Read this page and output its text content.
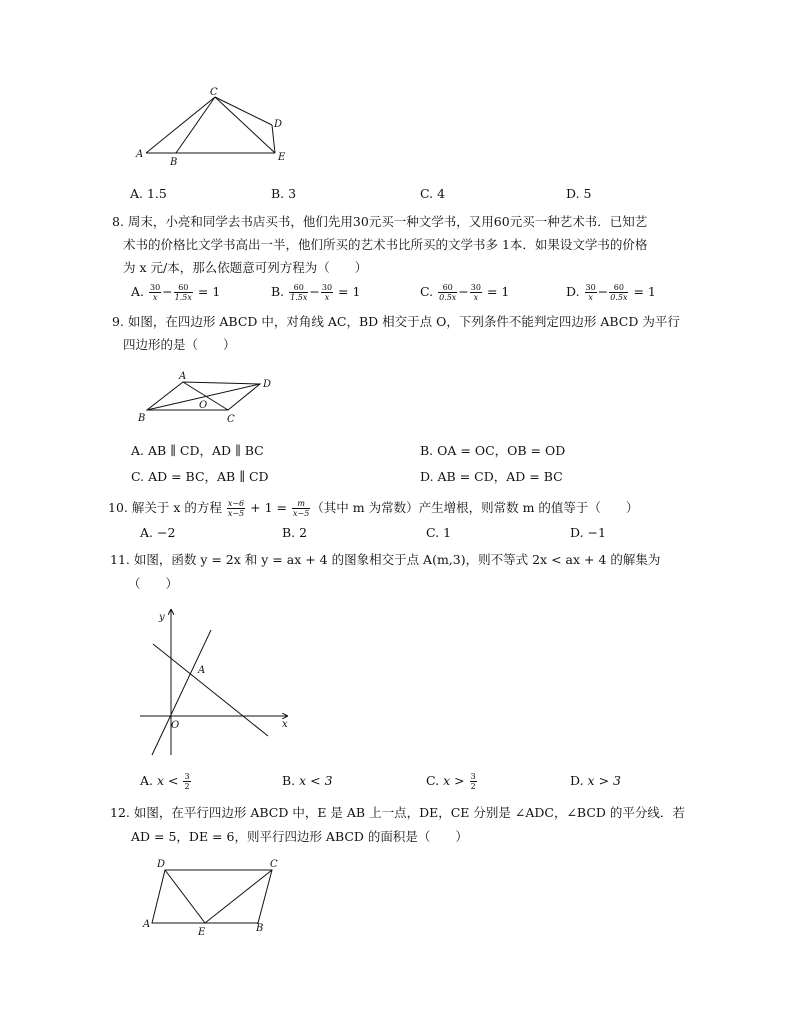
C
D
A
B	E
A. 1.5	B. 3	C. 4	D. 5
8. 周末，小亮和同学去书店买书，他们先用30元买一种文学书，又用60元买一种艺术书．已知艺
术书的价格比文学书高出一半，他们所买的艺术书比所买的文学书多 1本．如果设文学书的价格
为 x 元/本，那么依题意可列方程为（　　）
A. $\frac{30}{x} - \frac{60}{1.5x} = 1$	B. $\frac{60}{1.5x} - \frac{30}{x} = 1$	C. $\frac{60}{0.5x} - \frac{30}{x} = 1$	D. $\frac{30}{x} - \frac{60}{0.5x} = 1$
9. 如图，在四边形 ABCD 中，对角线 AC，BD 相交于点 O，下列条件不能判定四边形 ABCD 为平行
四边形的是（　　）
A
D
O
B	C
A. AB ∥ CD，AD ∥ BC	B. OA = OC，OB = OD
C. AD = BC，AB ∥ CD	D. AB = CD，AD = BC
10. 解关于 x 的方程 $\frac{x-6}{x-5} + 1 = \frac{m}{x-5}$ （其中 m 为常数）产生增根，则常数 m 的值等于（　　）
A. −2	B. 2	C. 1	D. −1
11. 如图，函数 y = 2x 和 y = ax + 4 的图象相交于点 A(m,3)，则不等式 2x < ax + 4 的解集为
（　　）
y
x
A
O
A. $x < \frac{3}{2}$	B. x < 3	C. $x > \frac{3}{2}$	D. x > 3
12. 如图，在平行四边形 ABCD 中，E 是 AB 上一点，DE，CE 分别是 ∠ADC，∠BCD 的平分线．若
AD = 5，DE = 6，则平行四边形 ABCD 的面积是（　　）
D	C
A
E	B
